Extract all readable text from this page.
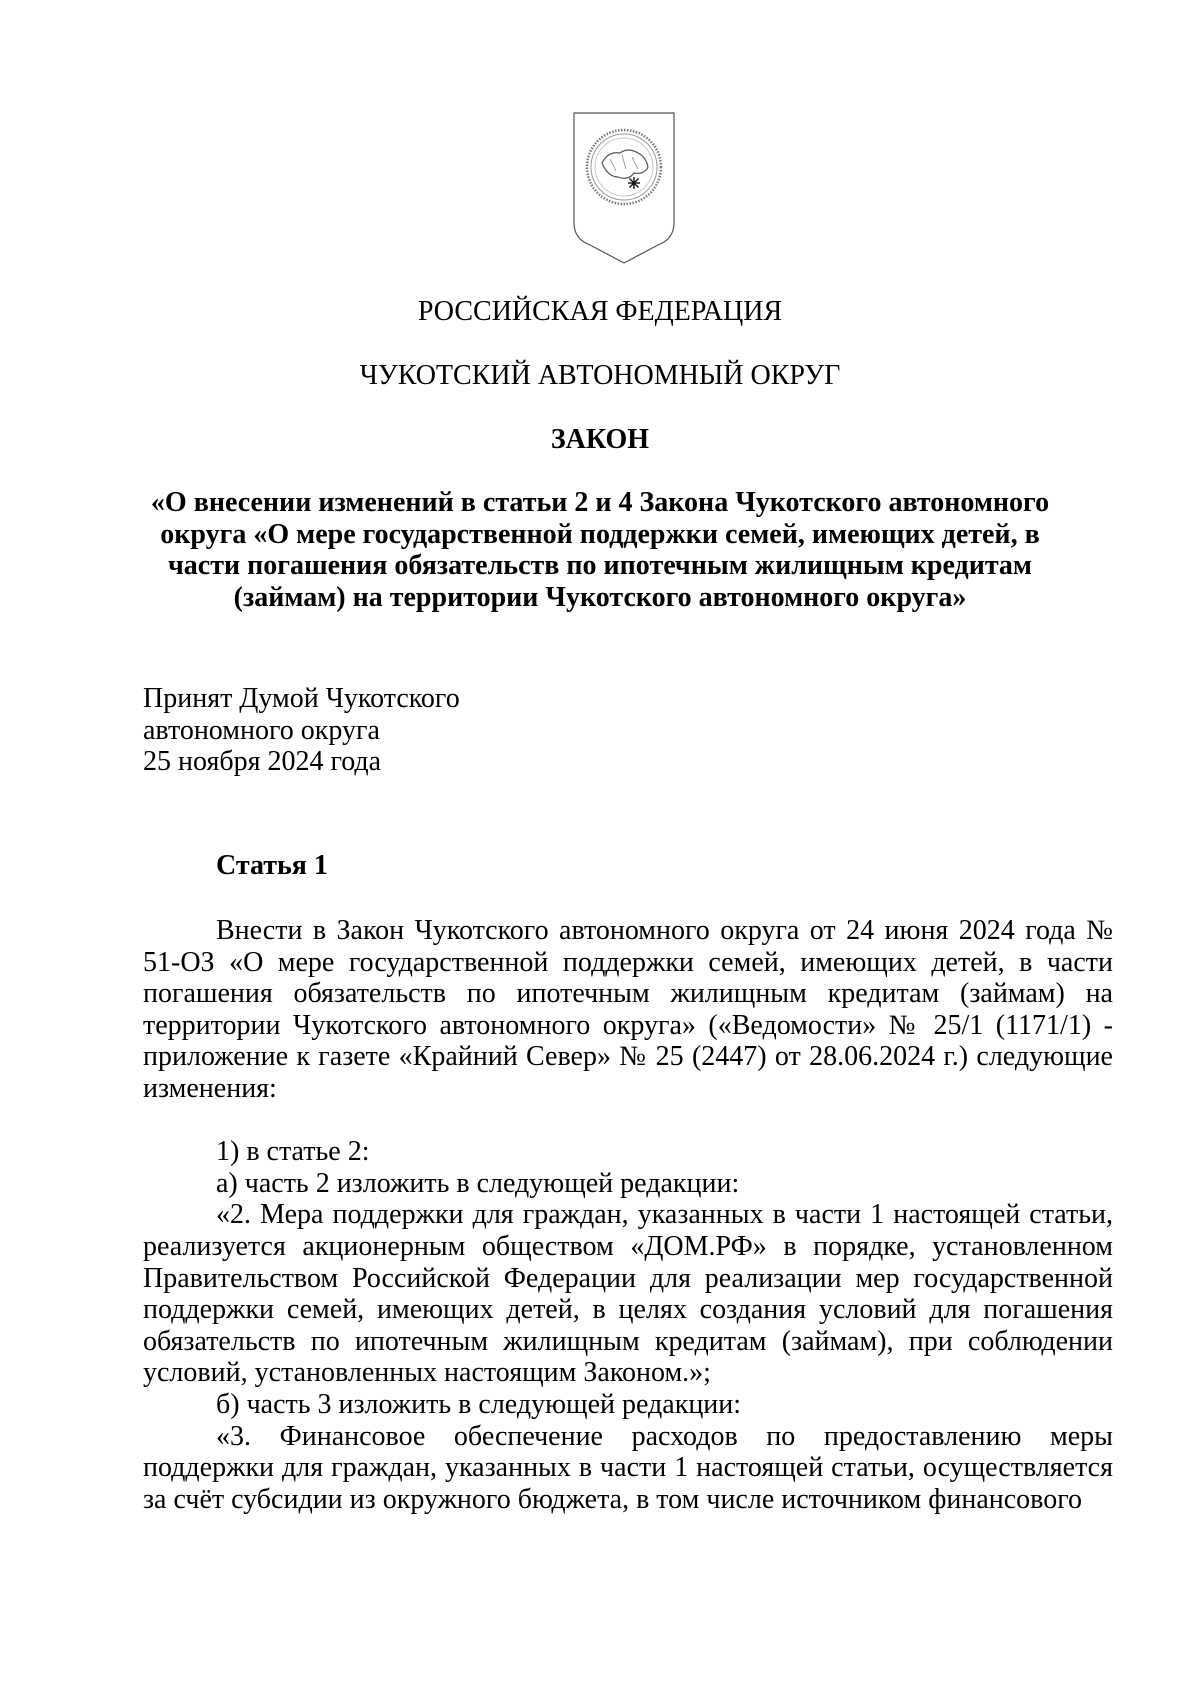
РОССИЙСКАЯ ФЕДЕРАЦИЯ
ЧУКОТСКИЙ АВТОНОМНЫЙ ОКРУГ
ЗАКОН
«О внесении изменений в статьи 2 и 4 Закона Чукотского автономного округа «О мере государственной поддержки семей, имеющих детей, в части погашения обязательств по ипотечным жилищным кредитам (займам) на территории Чукотского автономного округа»
Принят Думой Чукотского
автономного округа
25 ноября 2024 года
Статья 1

Внести в Закон Чукотского автономного округа от 24 июня 2024 года № 51-ОЗ «О мере государственной поддержки семей, имеющих детей, в части погашения обязательств по ипотечным жилищным кредитам (займам) на территории Чукотского автономного округа» («Ведомости» № 25/1 (1171/1) - приложение к газете «Крайний Север» № 25 (2447) от 28.06.2024 г.) следующие изменения:

1) в статье 2:

а) часть 2 изложить в следующей редакции:

«2. Мера поддержки для граждан, указанных в части 1 настоящей статьи, реализуется акционерным обществом «ДОМ.РФ» в порядке, установленном Правительством Российской Федерации для реализации мер государственной поддержки семей, имеющих детей, в целях создания условий для погашения обязательств по ипотечным жилищным кредитам (займам), при соблюдении условий, установленных настоящим Законом.»;

б) часть 3 изложить в следующей редакции:

«3. Финансовое обеспечение расходов по предоставлению меры поддержки для граждан, указанных в части 1 настоящей статьи, осуществляется за счёт субсидии из окружного бюджета, в том числе источником финансового
